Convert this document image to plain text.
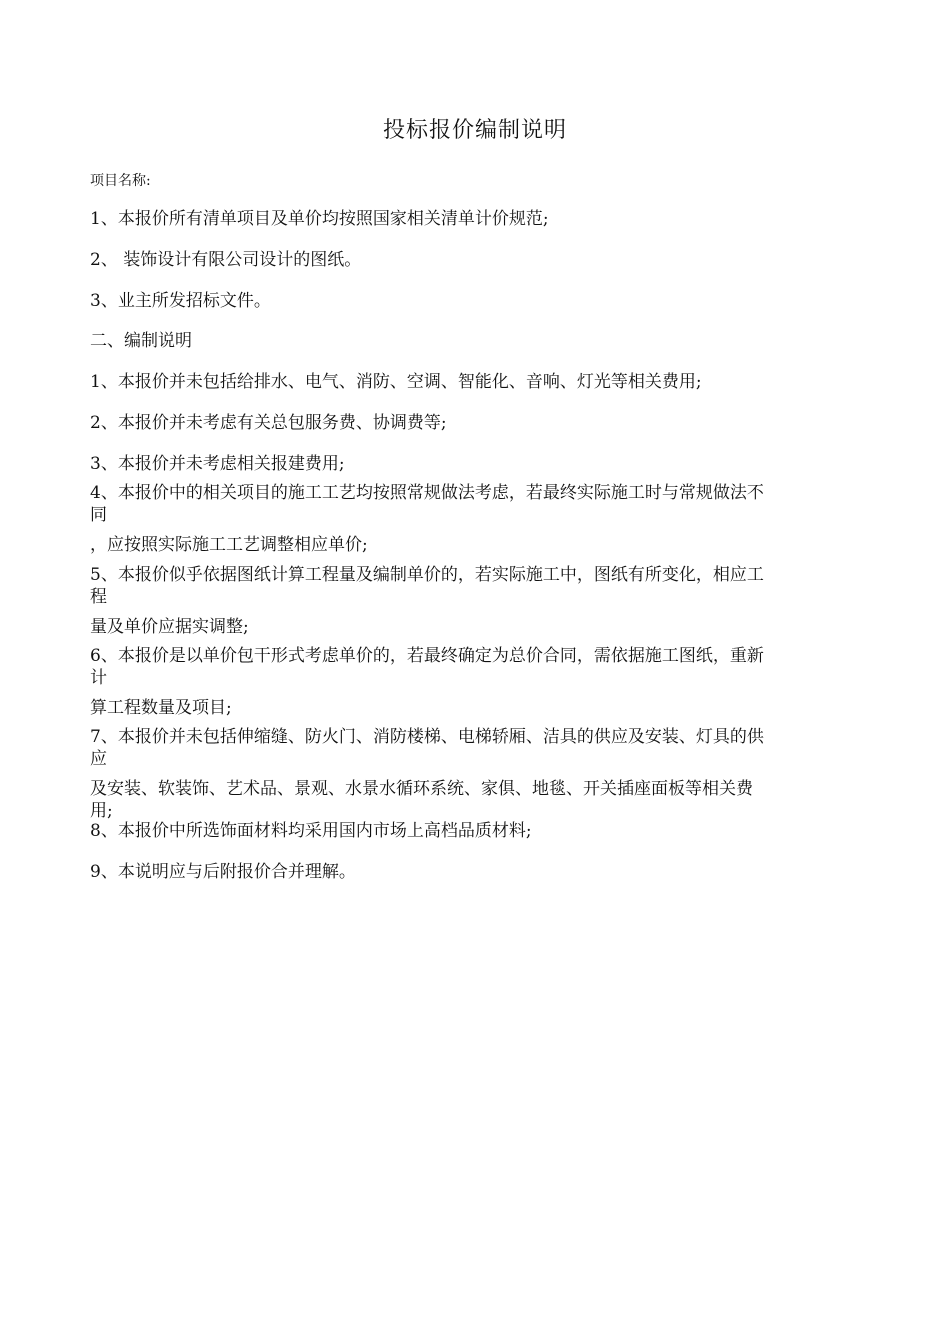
投标报价编制说明
项目名称:
1、本报价所有清单项目及单价均按照国家相关清单计价规范;
2、 装饰设计有限公司设计的图纸。
3、业主所发招标文件。
二、编制说明
1、本报价并未包括给排水、电气、消防、空调、智能化、音响、灯光等相关费用;
2、本报价并未考虑有关总包服务费、协调费等;
3、本报价并未考虑相关报建费用;
4、本报价中的相关项目的施工工艺均按照常规做法考虑，若最终实际施工时与常规做法不
同
，应按照实际施工工艺调整相应单价;
5、本报价似乎依据图纸计算工程量及编制单价的，若实际施工中，图纸有所变化，相应工
程
量及单价应据实调整;
6、本报价是以单价包干形式考虑单价的，若最终确定为总价合同，需依据施工图纸，重新
计
算工程数量及项目;
7、本报价并未包括伸缩缝、防火门、消防楼梯、电梯轿厢、洁具的供应及安装、灯具的供
应
及安装、软装饰、艺术品、景观、水景水循环系统、家俱、地毯、开关插座面板等相关费
用;
8、本报价中所选饰面材料均采用国内市场上高档品质材料;
9、本说明应与后附报价合并理解。
